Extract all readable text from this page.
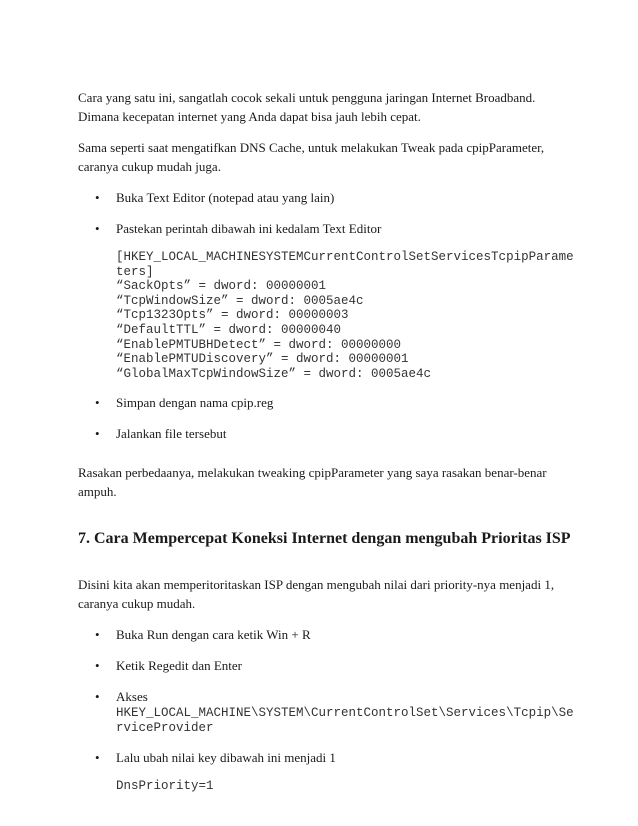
Cara yang satu ini, sangatlah cocok sekali untuk pengguna jaringan Internet Broadband. Dimana kecepatan internet yang Anda dapat bisa jauh lebih cepat.

Sama seperti saat mengatifkan DNS Cache, untuk melakukan Tweak pada cpipParameter, caranya cukup mudah juga.

• Buka Text Editor (notepad atau yang lain)
• Pastekan perintah dibawah ini kedalam Text Editor
[HKEY_LOCAL_MACHINESYSTEMCurrentControlSetServicesTcpipParameters]
“SackOpts” = dword: 00000001
“TcpWindowSize” = dword: 0005ae4c
“Tcp1323Opts” = dword: 00000003
“DefaultTTL” = dword: 00000040
“EnablePMTUBHDetect” = dword: 00000000
“EnablePMTUDiscovery” = dword: 00000001
“GlobalMaxTcpWindowSize” = dword: 0005ae4c
• Simpan dengan nama cpip.reg
• Jalankan file tersebut

Rasakan perbedaanya, melakukan tweaking cpipParameter yang saya rasakan benar-benar ampuh.

7. Cara Mempercepat Koneksi Internet dengan mengubah Prioritas ISP

Disini kita akan memperitoritaskan ISP dengan mengubah nilai dari priority-nya menjadi 1, caranya cukup mudah.

• Buka Run dengan cara ketik Win + R
• Ketik Regedit dan Enter
• Akses
HKEY_LOCAL_MACHINE\SYSTEM\CurrentControlSet\Services\Tcpip\ServiceProvider
• Lalu ubah nilai key dibawah ini menjadi 1
DnsPriority=1
